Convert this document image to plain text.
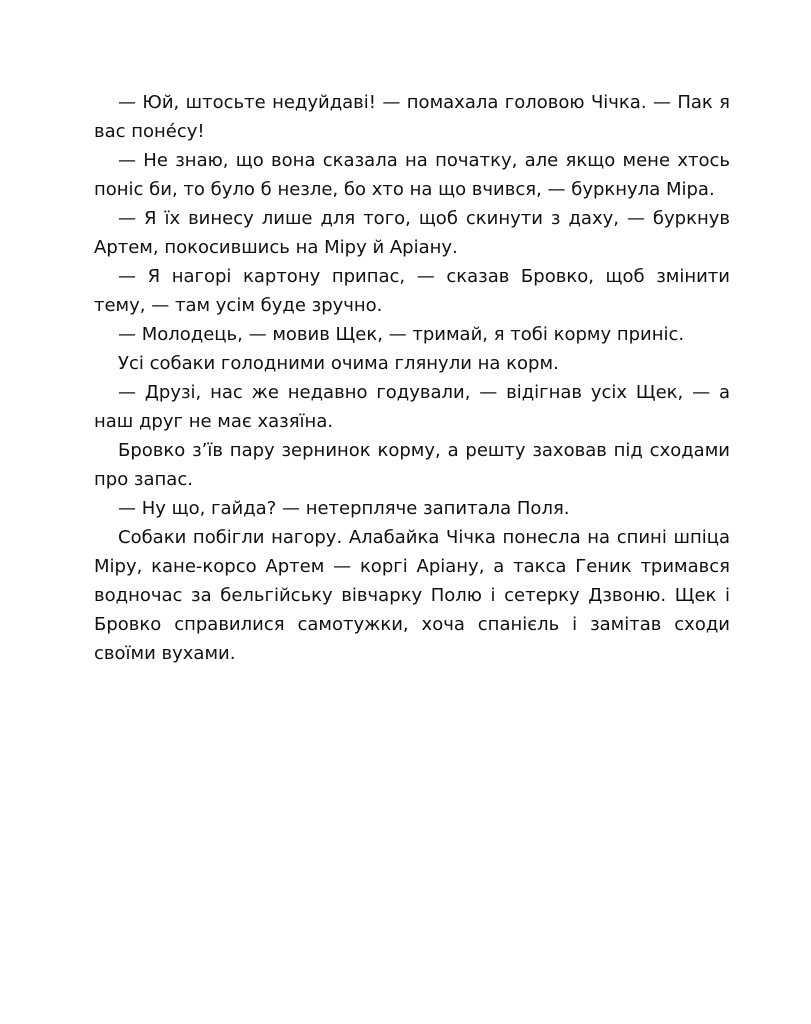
— Юй, штосьте недуйдаві! — помахала головою Чічка. — Пак я вас понéсу!

— Не знаю, що вона сказала на початку, але якщо мене хтось поніс би, то було б незле, бо хто на що вчився, — буркнула Міра.

— Я їх винесу лише для того, щоб скинути з даху, — буркнув Артем, покосившись на Міру й Аріану.

— Я нагорі картону припас, — сказав Бровко, щоб змінити тему, — там усім буде зручно.

— Молодець, — мовив Щек, — тримай, я тобі корму приніс.

Усі собаки голодними очима глянули на корм.

— Друзі, нас же недавно годували, — відігнав усіх Щек, — а наш друг не має хазяїна.

Бровко з’їв пару зернинок корму, а решту заховав під сходами про запас.

— Ну що, гайда? — нетерпляче запитала Поля.

Собаки побігли нагору. Алабайка Чічка понесла на спині шпіца Міру, кане-корсо Артем — коргі Аріану, а такса Геник тримався водночас за бельгійську вівчарку Полю і сетерку Дзвоню. Щек і Бровко справилися самотужки, хоча спанієль і замітав сходи своїми вухами.
